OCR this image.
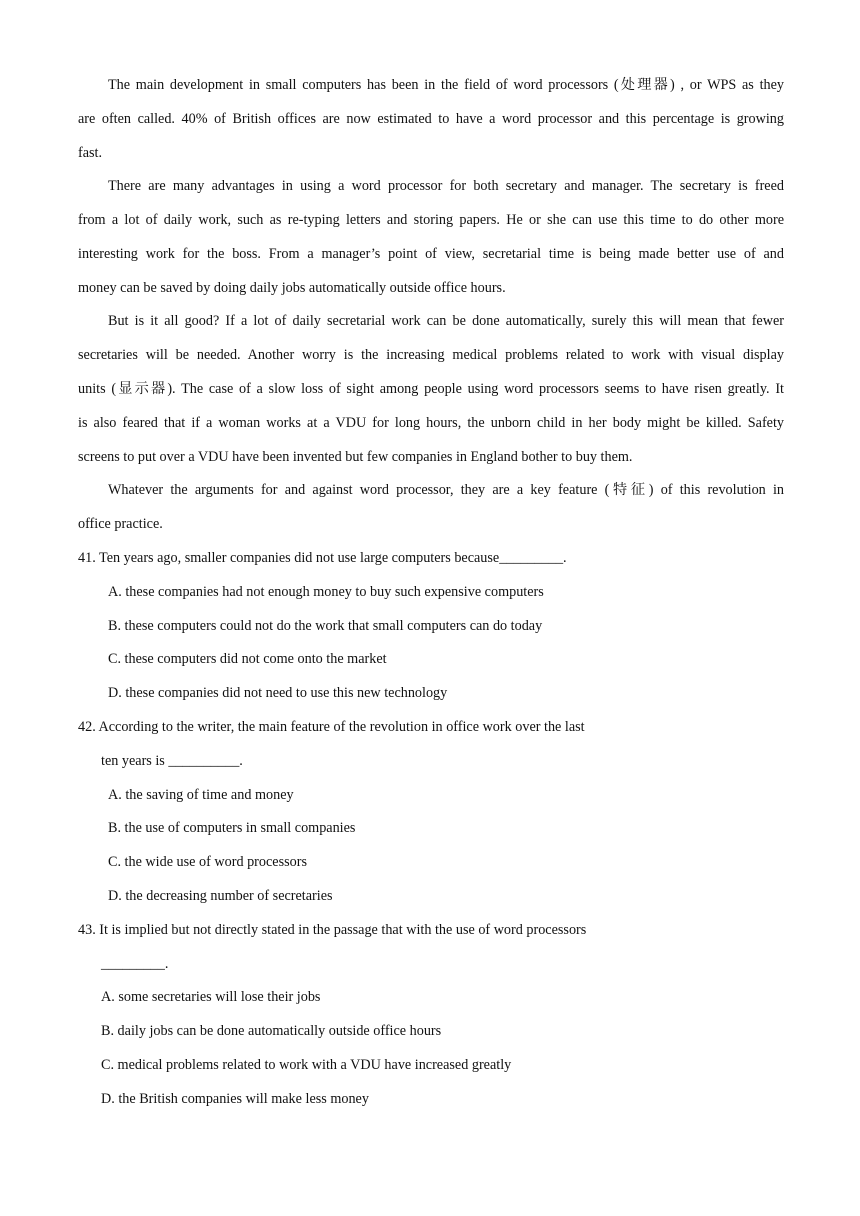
The main development in small computers has been in the field of word processors (处理器) , or WPS as they
are often called. 40% of British offices are now estimated to have a word processor and this percentage is growing
fast.
There are many advantages in using a word processor for both secretary and manager. The secretary is freed
from a lot of daily work, such as re-typing letters and storing papers. He or she can use this time to do other more
interesting work for the boss. From a manager’s point of view, secretarial time is being made better use of and
money can be saved by doing daily jobs automatically outside office hours.
But is it all good? If a lot of daily secretarial work can be done automatically, surely this will mean that fewer
secretaries will be needed. Another worry is the increasing medical problems related to work with visual display
units (显示器). The case of a slow loss of sight among people using word processors seems to have risen greatly. It
is also feared that if a woman works at a VDU for long hours, the unborn child in her body might be killed. Safety
screens to put over a VDU have been invented but few companies in England bother to buy them.
Whatever the arguments for and against word processor, they are a key feature (特征) of this revolution in
office practice.
41. Ten years ago, smaller companies did not use large computers because_________.
A. these companies had not enough money to buy such expensive computers
B. these computers could not do the work that small computers can do today
C. these computers did not come onto the market
D. these companies did not need to use this new technology
42. According to the writer, the main feature of the revolution in office work over the last
ten years is __________.
A. the saving of time and money
B. the use of computers in small companies
C. the wide use of word processors
D. the decreasing number of secretaries
43. It is implied but not directly stated in the passage that with the use of word processors
_________.
A. some secretaries will lose their jobs
B. daily jobs can be done automatically outside office hours
C. medical problems related to work with a VDU have increased greatly
D. the British companies will make less money
